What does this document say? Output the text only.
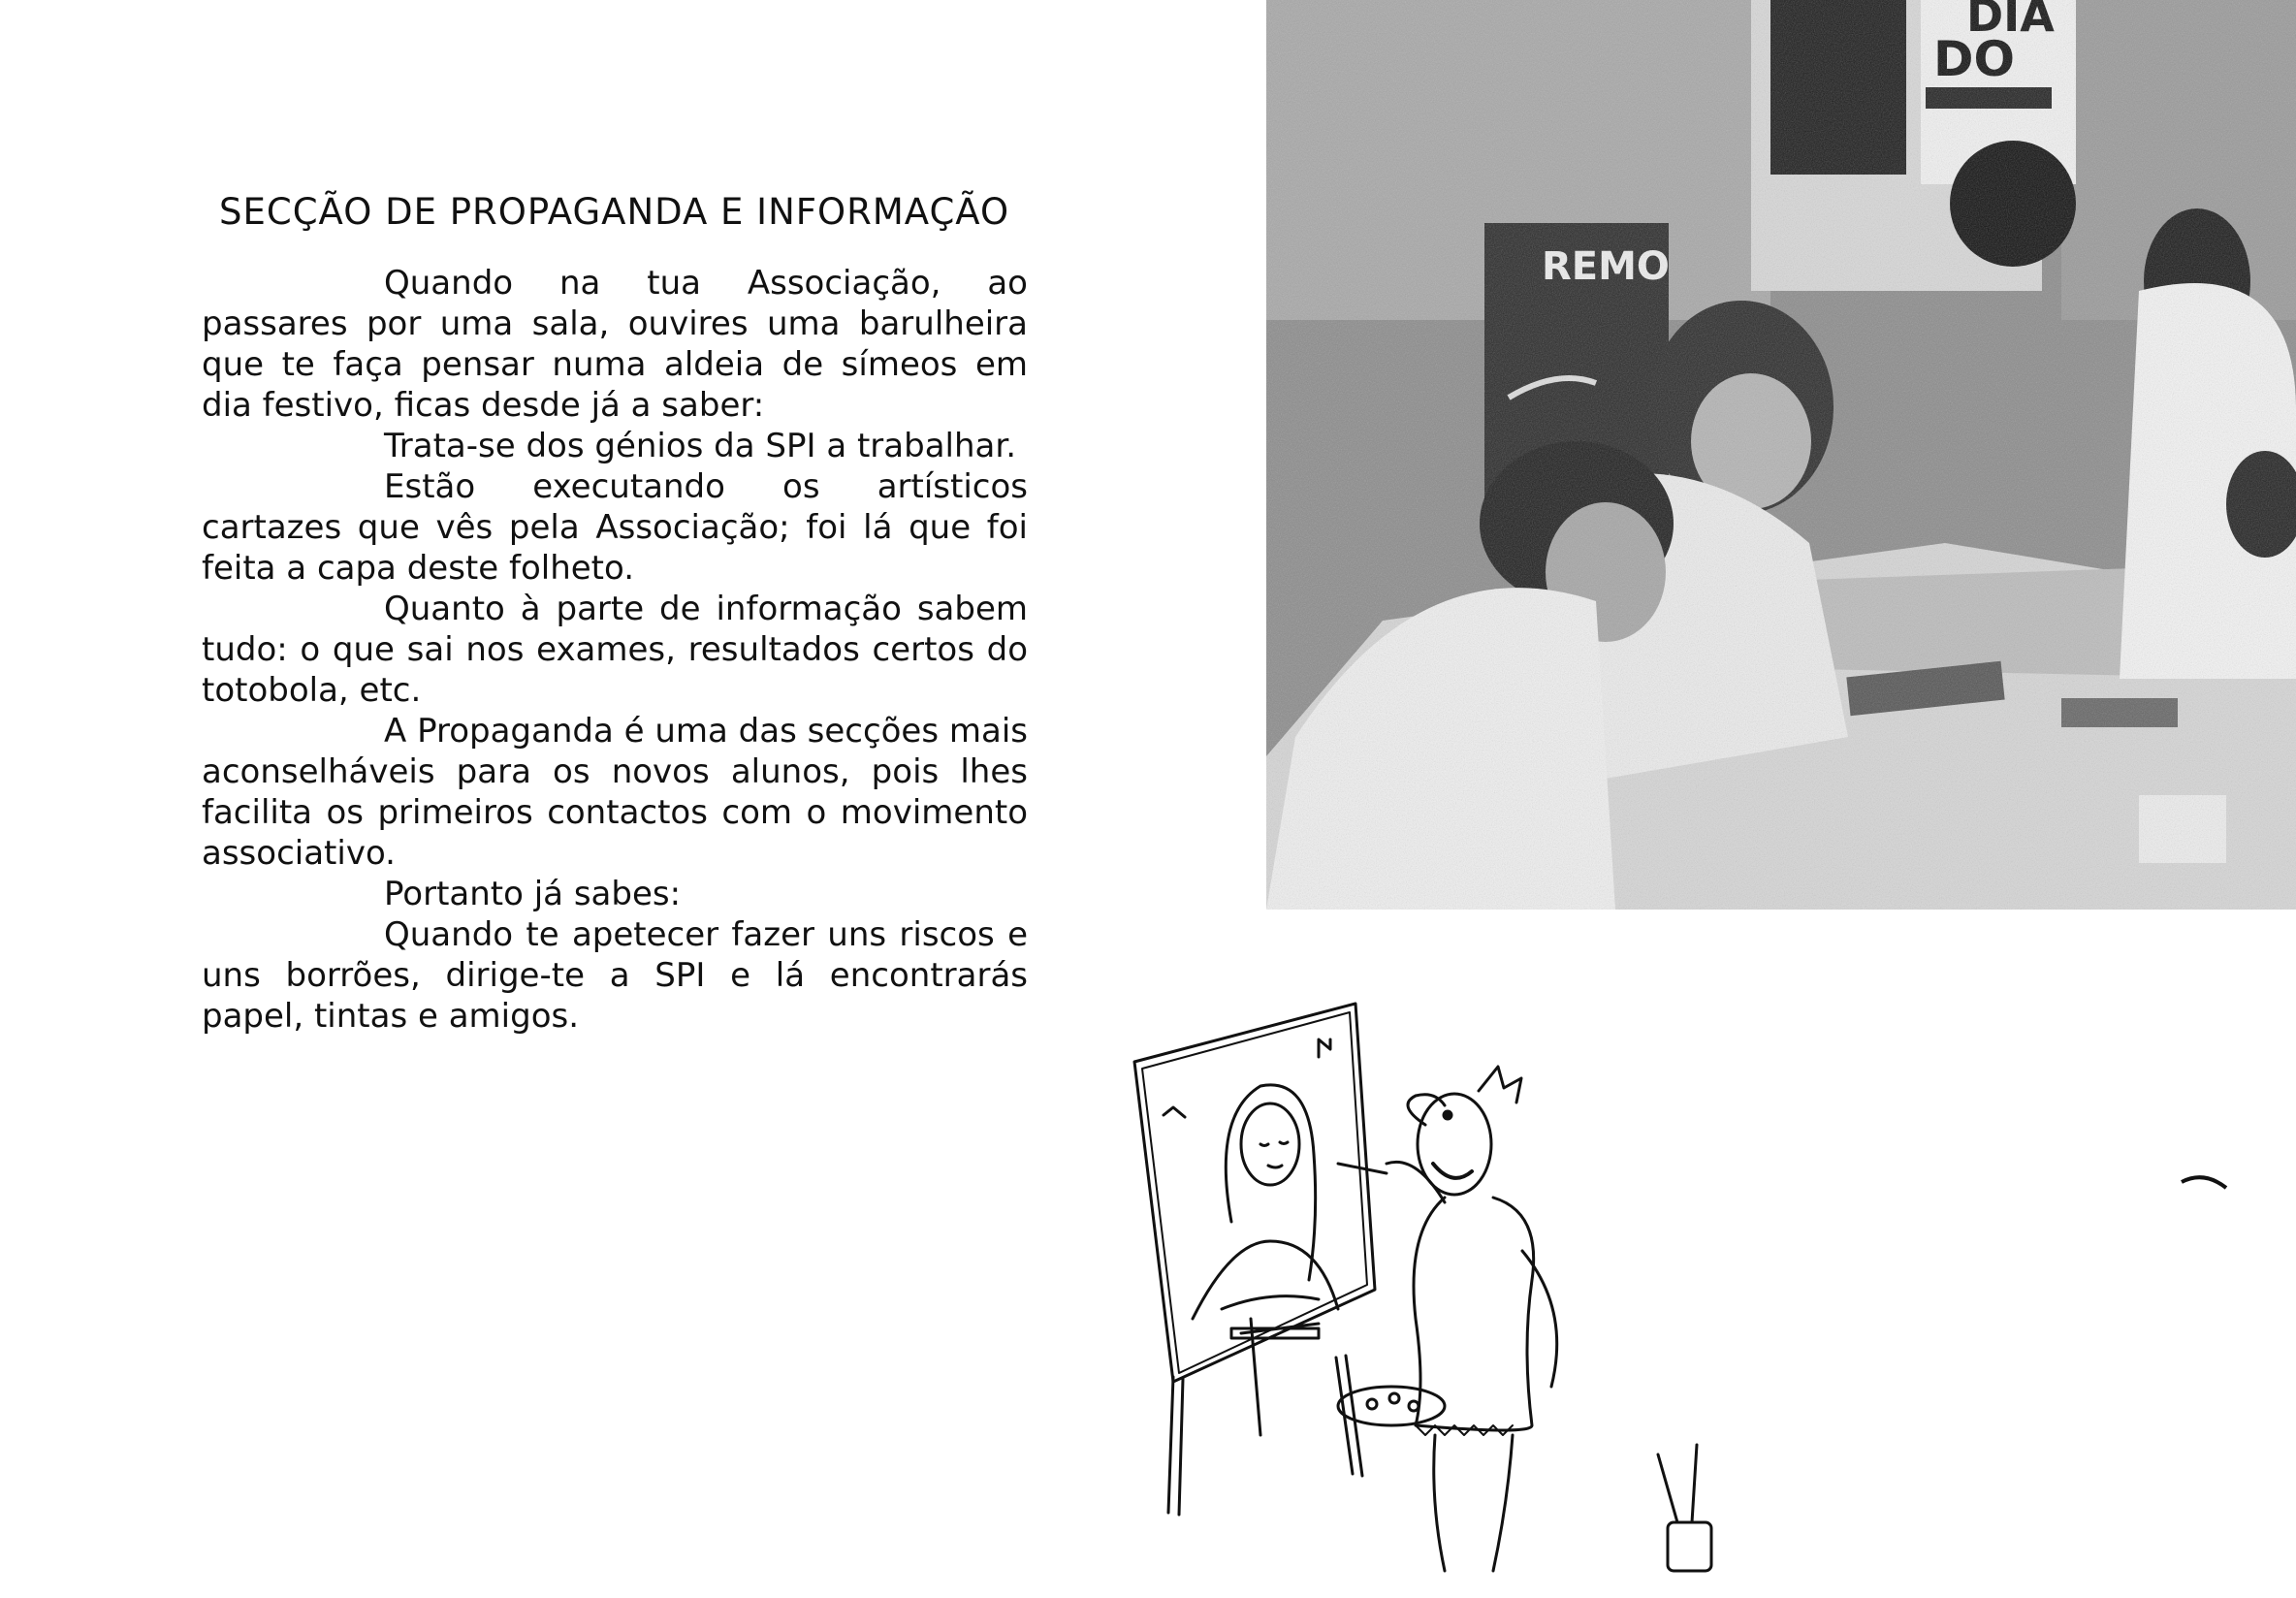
SECÇÃO DE PROPAGANDA E INFORMAÇÃO

Quando na tua Associação, ao passares por uma sala, ouvires uma barulheira que te faça pensar numa aldeia de símeos em dia festivo, ficas desde já a saber:

Trata-se dos génios da SPI a trabalhar.

Estão executando os artísticos cartazes que vês pela Associação; foi lá que foi feita a capa deste folheto.

Quanto à parte de informação sabem tudo: o que sai nos exames, resultados certos do totobola, etc.

A Propaganda é uma das secções mais aconselháveis para os novos alunos, pois lhes facilita os primeiros contactos com o movimento associativo.

Portanto já sabes:

Quando te apetecer fazer uns riscos e uns borrões, dirige-te a SPI e lá encontrarás papel, tintas e amigos.
